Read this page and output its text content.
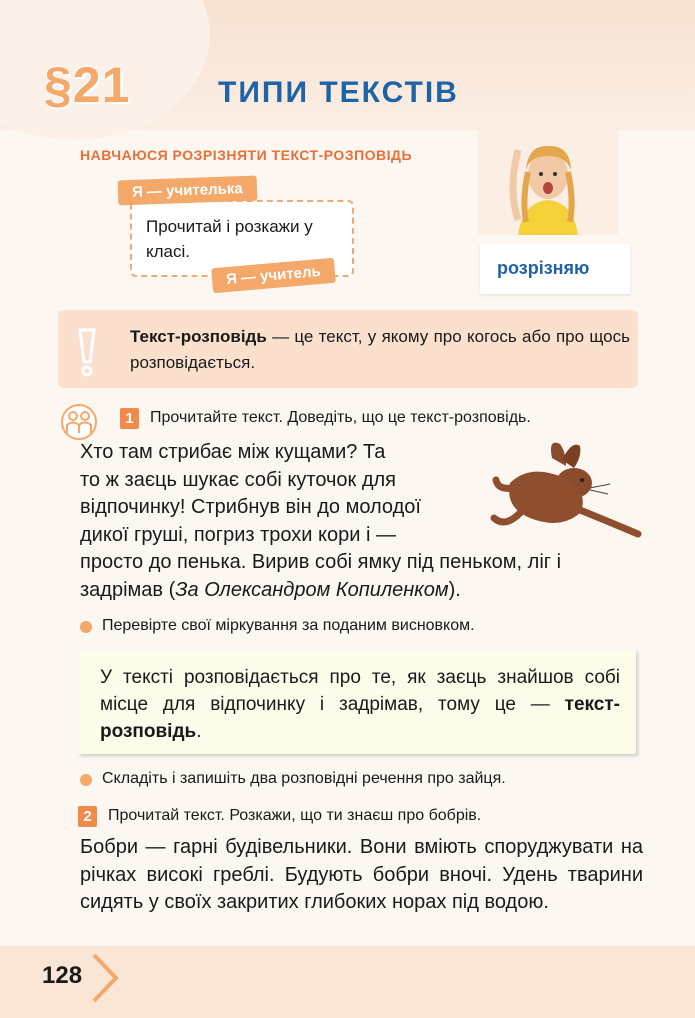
§21	ТИПИ ТЕКСТІВ
НАВЧАЮСЯ РОЗРІЗНЯТИ ТЕКСТ-РОЗПОВІДЬ
Прочитай і розкажи у класі.
Я — учителька
Я — учитель	розрізняю
Текст-розповідь — це текст, у якому про когось або про щось розповідається.
1	Прочитайте текст. Доведіть, що це текст-розповідь.
Хто там стрибає між кущами? Та
то ж заєць шукає собі куточок для
відпочинку! Стрибнув він до молодої
дикої груші, погриз трохи кори і —
просто до пенька. Вирив собі ямку під пеньком, ліг і
задрімав (За Олександром Копиленком).
Перевірте свої міркування за поданим висновком.
У тексті розповідається про те, як заєць знайшов собі місце для відпочинку і задрімав, тому це — текст-розповідь.
Складіть і запишіть два розповідні речення про зайця.
2	Прочитай текст. Розкажи, що ти знаєш про бобрів.
Бобри — гарні будівельники. Вони вміють споруджувати на річках високі греблі. Будують бобри вночі. Удень тварини сидять у своїх закритих глибоких норах під водою.
128
